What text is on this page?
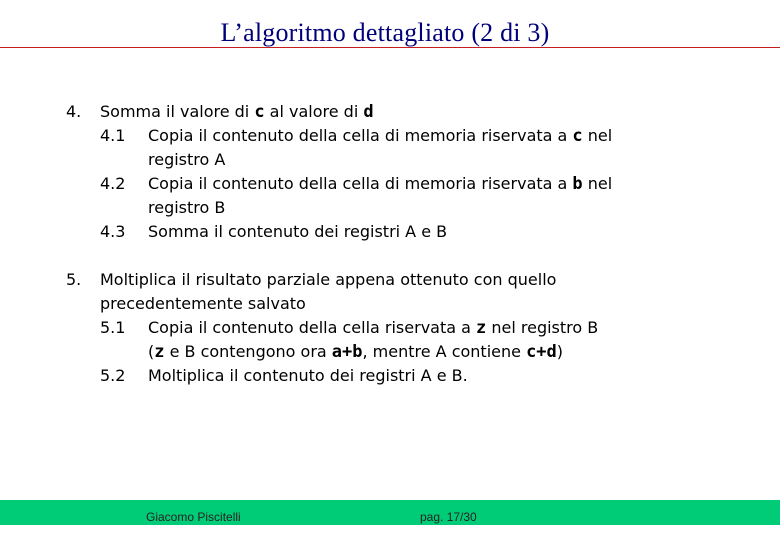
L’algoritmo dettagliato (2 di 3)
4. Somma il valore di c al valore di d
4.1 Copia il contenuto della cella di memoria riservata a c nel
registro A
4.2 Copia il contenuto della cella di memoria riservata a b nel
registro B
4.3 Somma il contenuto dei registri A e B
5. Moltiplica il risultato parziale appena ottenuto con quello
precedentemente salvato
5.1 Copia il contenuto della cella riservata a z nel registro B
(z e B contengono ora a+b, mentre A contiene c+d)
5.2 Moltiplica il contenuto dei registri A e B.
Giacomo Piscitelli	pag. 17/30
